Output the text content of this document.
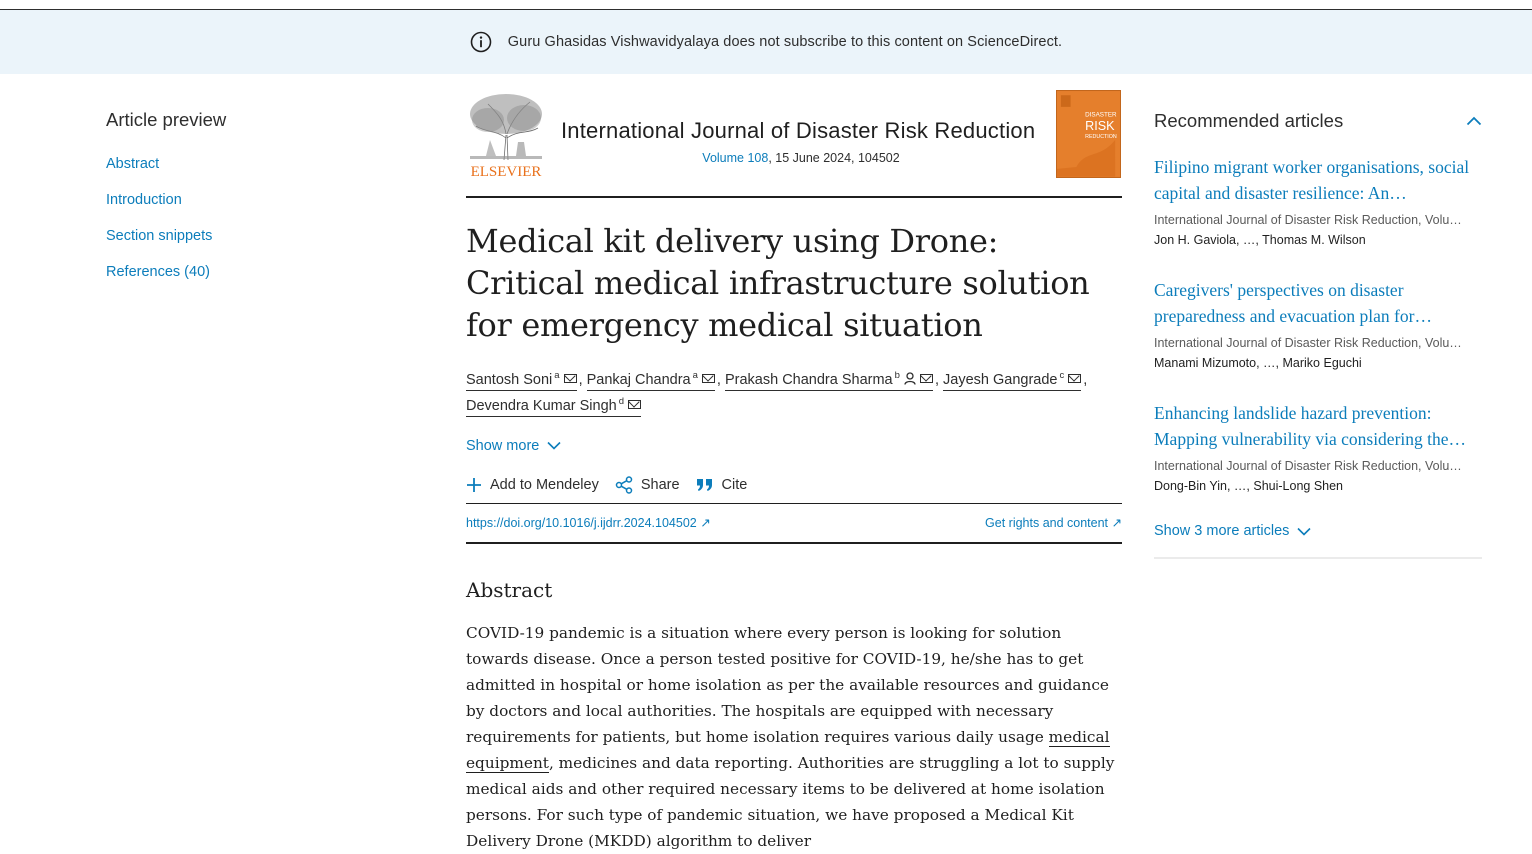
Guru Ghasidas Vishwavidyalaya does not subscribe to this content on ScienceDirect.
Article preview
Abstract
Introduction
Section snippets
References (40)
ELSEVIER
International Journal of Disaster Risk Reduction
Volume 108, 15 June 2024, 104502
DISASTER
RISK
REDUCTION
Medical kit delivery using Drone: Critical medical infrastructure solution for emergency medical situation
Santosh Soni $^a$ , Pankaj Chandra $^a$ , Prakash Chandra Sharma $^b$ , Jayesh Gangrade $^c$ ,
Devendra Kumar Singh $^d$
Show more
Add to Mendeley	Share	Cite
https://doi.org/10.1016/j.ijdrr.2024.104502 ↗	Get rights and content ↗
Abstract

COVID-19 pandemic is a situation where every person is looking for solution towards disease. Once a person tested positive for COVID-19, he/she has to get admitted in hospital or home isolation as per the available resources and guidance by doctors and local authorities. The hospitals are equipped with necessary requirements for patients, but home isolation requires various daily usage medical equipment, medicines and data reporting. Authorities are struggling a lot to supply medical aids and other required necessary items to be delivered at home isolation persons. For such type of pandemic situation, we have proposed a Medical Kit Delivery Drone (MKDD) algorithm to deliver

Recommended articles
Filipino migrant worker organisations, social capital and disaster resilience: An…
International Journal of Disaster Risk Reduction, Volu…
Jon H. Gaviola, …, Thomas M. Wilson
Caregivers' perspectives on disaster preparedness and evacuation plan for…
International Journal of Disaster Risk Reduction, Volu…
Manami Mizumoto, …, Mariko Eguchi
Enhancing landslide hazard prevention: Mapping vulnerability via considering the…
International Journal of Disaster Risk Reduction, Volu…
Dong-Bin Yin, …, Shui-Long Shen
Show 3 more articles
